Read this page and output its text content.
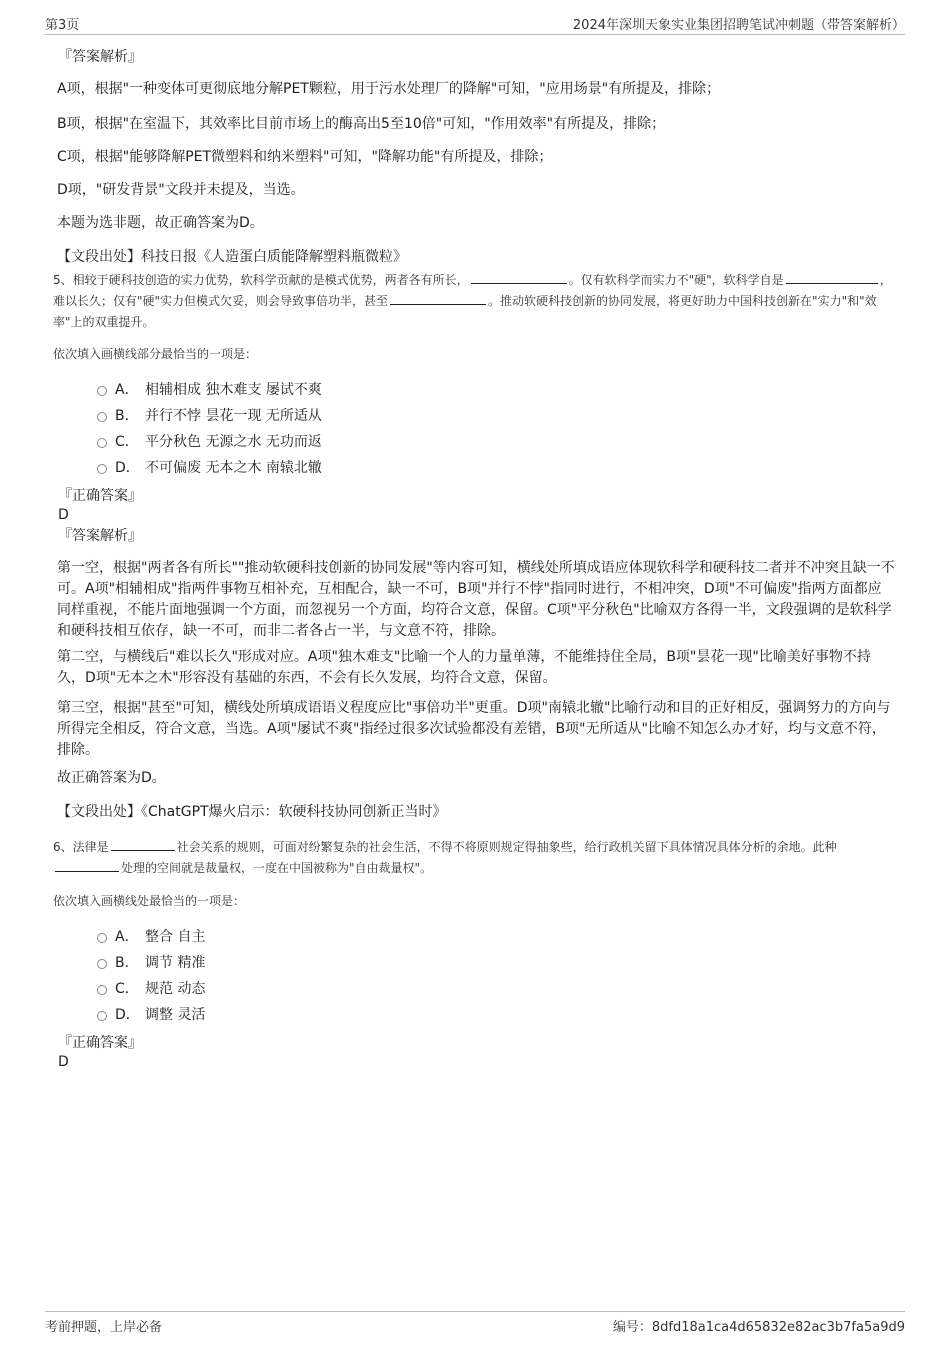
第3页	2024年深圳天象实业集团招聘笔试冲刺题（带答案解析）
『答案解析』
A项，根据"一种变体可更彻底地分解PET颗粒，用于污水处理厂的降解"可知，"应用场景"有所提及，排除；
B项，根据"在室温下，其效率比目前市场上的酶高出5至10倍"可知，"作用效率"有所提及，排除；
C项，根据"能够降解PET微塑料和纳米塑料"可知，"降解功能"有所提及，排除；
D项，"研发背景"文段并未提及，当选。
本题为选非题，故正确答案为D。
【文段出处】科技日报《人造蛋白质能降解塑料瓶微粒》
5、相较于硬科技创造的实力优势，软科学贡献的是模式优势，两者各有所长，	。仅有软科学而实力不"硬"，软科学自是	，难以长久；仅有"硬"实力但模式欠妥，则会导致事倍功半，甚至	。推动软硬科技创新的协同发展，将更好助力中国科技创新在"实力"和"效率"上的双重提升。
依次填入画横线部分最恰当的一项是：
A． 相辅相成 独木难支 屡试不爽
B． 并行不悖 昙花一现 无所适从
C． 平分秋色 无源之水 无功而返
D． 不可偏废 无本之木 南辕北辙
『正确答案』
D
『答案解析』
第一空，根据"两者各有所长""推动软硬科技创新的协同发展"等内容可知，横线处所填成语应体现软科学和硬科技二者并不冲突且缺一不可。A项"相辅相成"指两件事物互相补充，互相配合，缺一不可，B项"并行不悖"指同时进行，不相冲突，D项"不可偏废"指两方面都应同样重视，不能片面地强调一个方面，而忽视另一个方面，均符合文意，保留。C项"平分秋色"比喻双方各得一半，文段强调的是软科学和硬科技相互依存，缺一不可，而非二者各占一半，与文意不符，排除。
第二空，与横线后"难以长久"形成对应。A项"独木难支"比喻一个人的力量单薄，不能维持住全局，B项"昙花一现"比喻美好事物不持久，D项"无本之木"形容没有基础的东西，不会有长久发展，均符合文意，保留。
第三空，根据"甚至"可知，横线处所填成语语义程度应比"事倍功半"更重。D项"南辕北辙"比喻行动和目的正好相反，强调努力的方向与所得完全相反，符合文意，当选。A项"屡试不爽"指经过很多次试验都没有差错，B项"无所适从"比喻不知怎么办才好，均与文意不符，排除。
故正确答案为D。
【文段出处】《ChatGPT爆火启示：软硬科技协同创新正当时》
6、法律是	社会关系的规则，可面对纷繁复杂的社会生活，不得不将原则规定得抽象些，给行政机关留下具体情况具体分析的余地。此种处理的空间就是裁量权，一度在中国被称为"自由裁量权"。
依次填入画横线处最恰当的一项是：
A． 整合 自主
B． 调节 精准
C． 规范 动态
D． 调整 灵活
『正确答案』
D
考前押题，上岸必备	编号：8dfd18a1ca4d65832e82ac3b7fa5a9d9
